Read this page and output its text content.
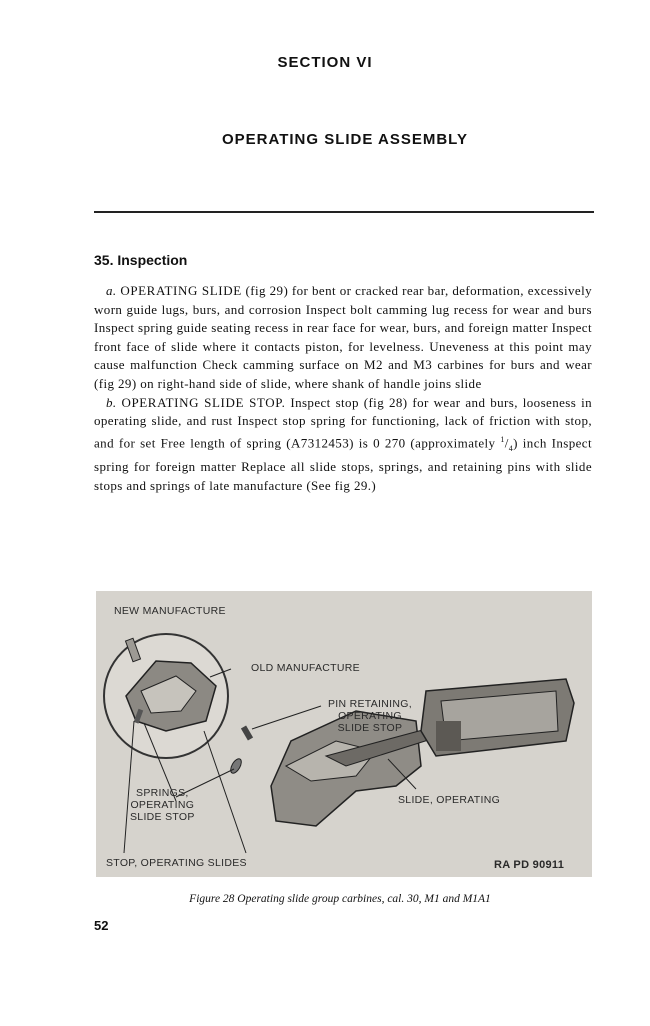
SECTION VI
OPERATING SLIDE ASSEMBLY
35. Inspection

a. OPERATING SLIDE (fig 29) for bent or cracked rear bar, deformation, excessively worn guide lugs, burs, and corrosion Inspect bolt camming lug recess for wear and burs Inspect spring guide seating recess in rear face for wear, burs, and foreign matter Inspect front face of slide where it contacts piston, for levelness. Uneveness at this point may cause malfunction Check camming surface on M2 and M3 carbines for burs and wear (fig 29) on right-hand side of slide, where shank of handle joins slide

b. OPERATING SLIDE STOP. Inspect stop (fig 28) for wear and burs, looseness in operating slide, and rust Inspect stop spring for functioning, lack of friction with stop, and for set Free length of spring (A7312453) is 0 270 (approximately $^1/_4$) inch Inspect spring for foreign matter Replace all slide stops, springs, and retaining pins with slide stops and springs of late manufacture (See fig 29.)

NEW MANUFACTURE
OLD MANUFACTURE
PIN RETAINING,
OPERATING
SLIDE STOP
SPRINGS,
OPERATING
SLIDE STOP
SLIDE, OPERATING
STOP, OPERATING SLIDES	RA PD 90911
Figure 28 Operating slide group carbines, cal. 30, M1 and M1A1
52
